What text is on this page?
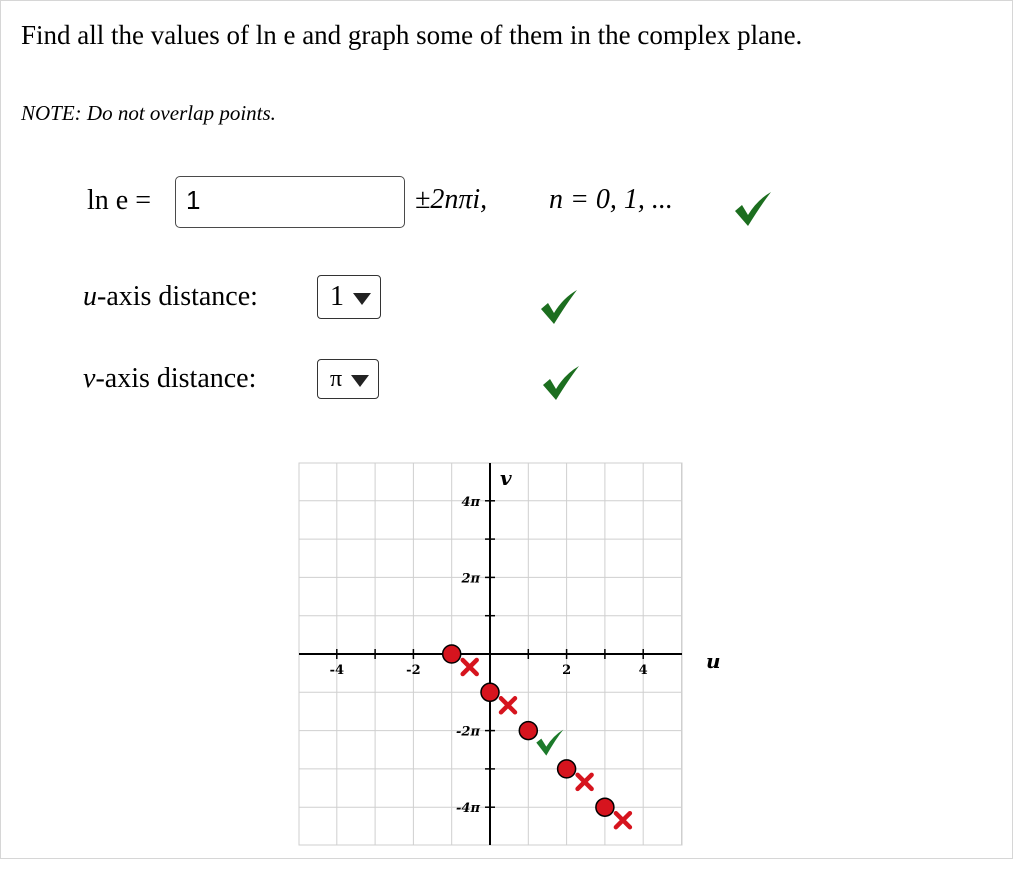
Find all the values of ln e and graph some of them in the complex plane.
NOTE: Do not overlap points.
ln e =	1	±2nπi, n = 0, 1, ...
u-axis distance:	1
v-axis distance:	π
u
v
-4	-2	2	4
4π
2π
-2π
-4π
